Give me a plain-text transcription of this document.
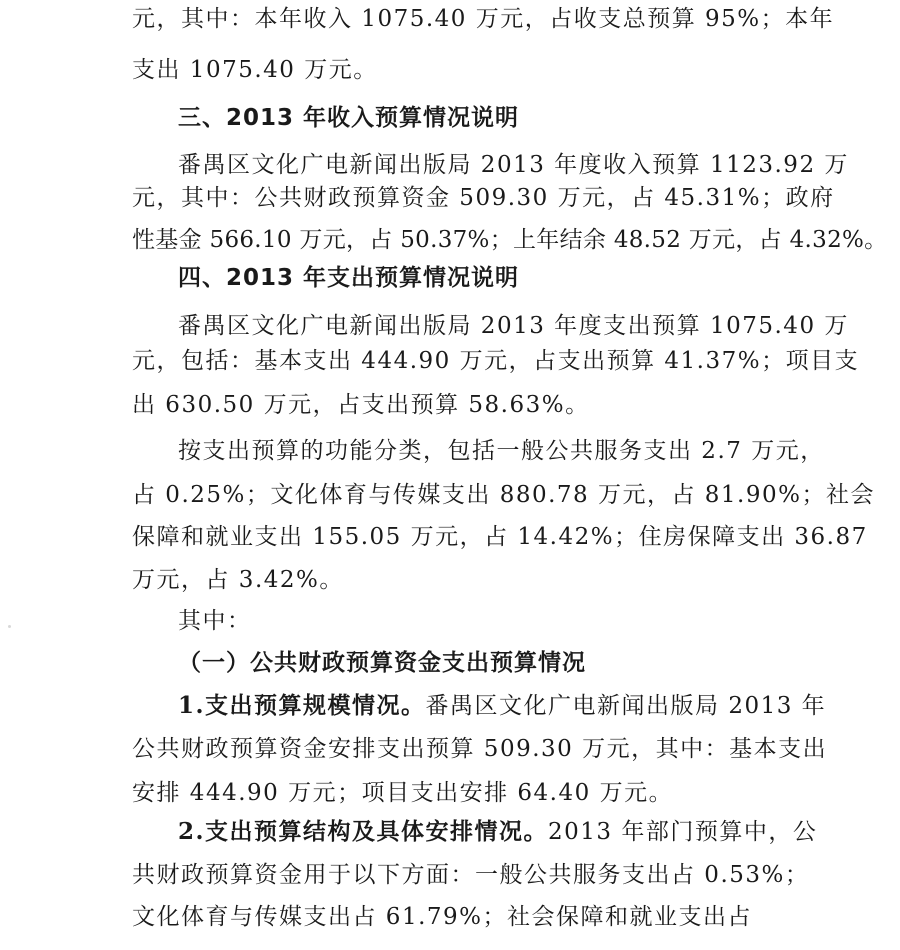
元，其中：本年收入 1075.40 万元，占收支总预算 95%；本年
支出 1075.40 万元。
三、2013 年收入预算情况说明
番禺区文化广电新闻出版局 2013 年度收入预算 1123.92 万
元，其中：公共财政预算资金 509.30 万元，占 45.31%；政府
性基金 566.10 万元，占 50.37%；上年结余 48.52 万元，占 4.32%。
四、2013 年支出预算情况说明
番禺区文化广电新闻出版局 2013 年度支出预算 1075.40 万
元，包括：基本支出 444.90 万元，占支出预算 41.37%；项目支
出 630.50 万元，占支出预算 58.63%。
按支出预算的功能分类，包括一般公共服务支出 2.7 万元，
占 0.25%；文化体育与传媒支出 880.78 万元，占 81.90%；社会
保障和就业支出 155.05 万元，占 14.42%；住房保障支出 36.87
万元，占 3.42%。
其中：
（一）公共财政预算资金支出预算情况
1.支出预算规模情况。番禺区文化广电新闻出版局 2013 年
公共财政预算资金安排支出预算 509.30 万元，其中：基本支出
安排 444.90 万元；项目支出安排 64.40 万元。
2.支出预算结构及具体安排情况。2013 年部门预算中，公
共财政预算资金用于以下方面：一般公共服务支出占 0.53%；
文化体育与传媒支出占 61.79%；社会保障和就业支出占
